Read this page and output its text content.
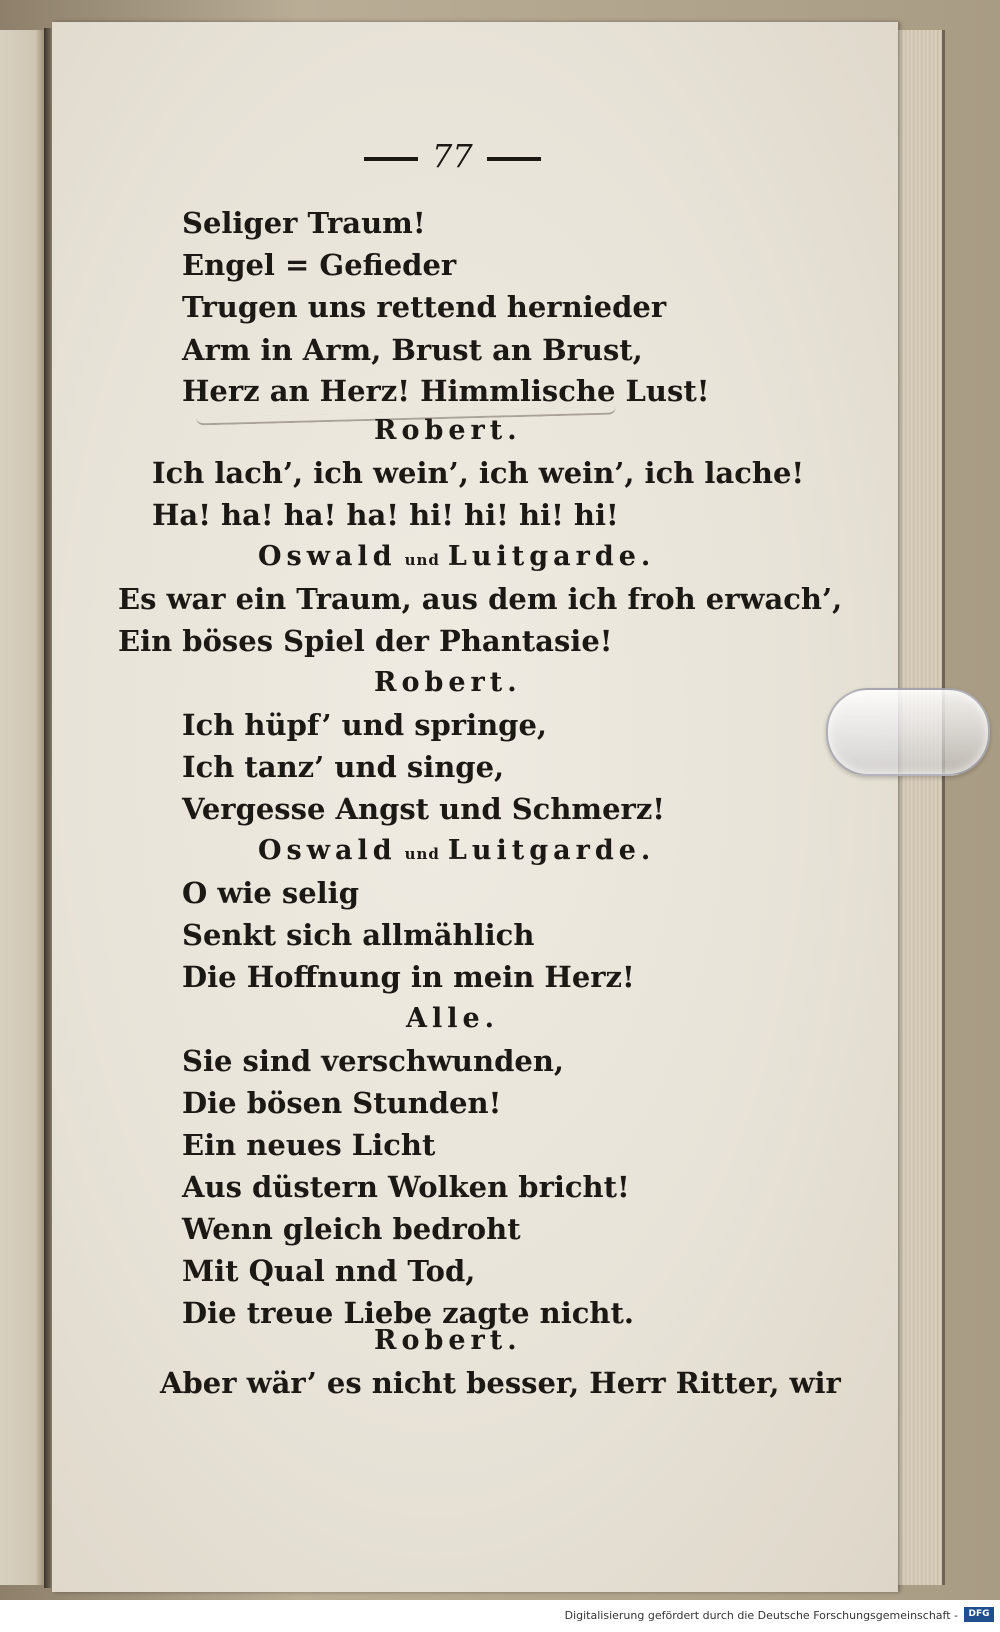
77
Seliger Traum!
Engel = Gefieder
Trugen uns rettend hernieder
Arm in Arm, Brust an Brust,
Herz an Herz! Himmlische Lust!
Robert.
Ich lach’, ich wein’, ich wein’, ich lache!
Ha! ha! ha! ha! hi! hi! hi! hi!
Oswald und Luitgarde.
Es war ein Traum, aus dem ich froh erwach’,
Ein böses Spiel der Phantasie!
Robert.
Ich hüpf’ und springe,
Ich tanz’ und singe,
Vergesse Angst und Schmerz!
Oswald und Luitgarde.
O wie selig
Senkt sich allmählich
Die Hoffnung in mein Herz!
Alle.
Sie sind verschwunden,
Die bösen Stunden!
Ein neues Licht
Aus düstern Wolken bricht!
Wenn gleich bedroht
Mit Qual nnd Tod,
Die treue Liebe zagte nicht.
Robert.
Aber wär’ es nicht besser, Herr Ritter, wir
Digitalisierung gefördert durch die Deutsche Forschungsgemeinschaft -	DFG
